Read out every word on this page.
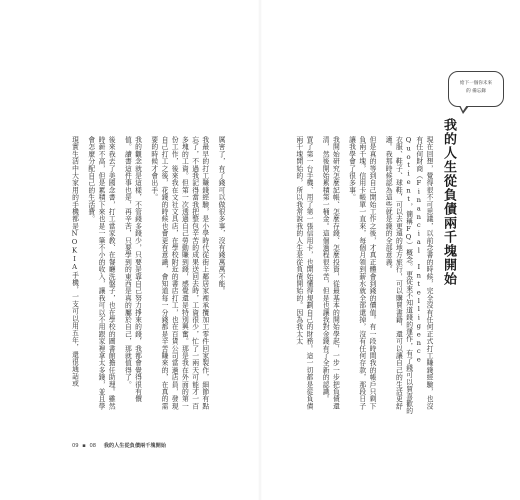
厲害了，有了錢可以做很多事，沒有錢萬萬不能。

我最早的打工賺錢經驗，是小學時代從街上鄰居家裡承攬加工零件回家製作，細節有點忘了，不過我記得當我把整包辛苦的成果送回去時，工資很少，忙了一兩天可能才一百多塊的工資。但第一次透過自己勞動賺到錢，感覺還是特別興奮。那是我在外面的第一份工作，後來我在文社文具店，在學校附近的書店打工，也在百貨公司當過店員，發現自己打工之後，花錢的時候也會更有意識，會知道每一分錢都是辛苦賺來的，在真的需要的時候才會出手。

我的觀念就是這樣，不管錢多錢少，只要是靠自己努力掙來的錢，我都會覺得很有價值。讀書這件事也是，再辛苦，只要學到的東西是真的屬於自己，那就值得了。

後來我去了美國念書，打工當家教、在餐廳洗盤子，也在學校的圖書館擔任助理。雖然時薪不高，但是累積下來也是一筆不小的收入，讓我可以不用跟家裡拿太多錢，並且學會怎麼分配自己的生活費。

現實生活中大家用的手機都是NOKIA手機，一支可以用五年，還很通話或	現在回想，覺得很不可思議，以前念書的時候，完全沒有任何正式打工賺錢經驗，也沒有任何財商（Financial Intelligence Quotient，簡稱FQ）概念。更從來不知道錢的運作，有了錢可以買喜歡的衣服、鞋子、球鞋，可以去更遠的地方旅行，可以購買書籍，還可以讓自己的生活更舒適。我那時候認為這些就是錢的全部意義。

但是真的等到自己開始工作之後，才真正體會到錢的價值。有一段時間我的帳戶只剩下負兩千塊，信用卡帳單一直來，每個月領到薪水就全部還掉，沒有任何存款，那段日子讓我學會了很多事。

我開始研究怎麼記帳、怎麼存錢、怎麼投資，從最基本的開始學起，一步一步把負債還清，然後開始累積第一桶金。這個過程很辛苦，但是也讓我對金錢有了全新的認識。

買了第一台手機、用了第一張信用卡，也開始懂得規劃自己的財務。這一切都是從負債兩千塊開始的，所以我常說我的人生是從負債開始的。因為我太太	我的人生從負債兩千塊開始
給下一個你未來
的 備忘錄
09 ▪ 08 我的人生從負債兩千塊開始
